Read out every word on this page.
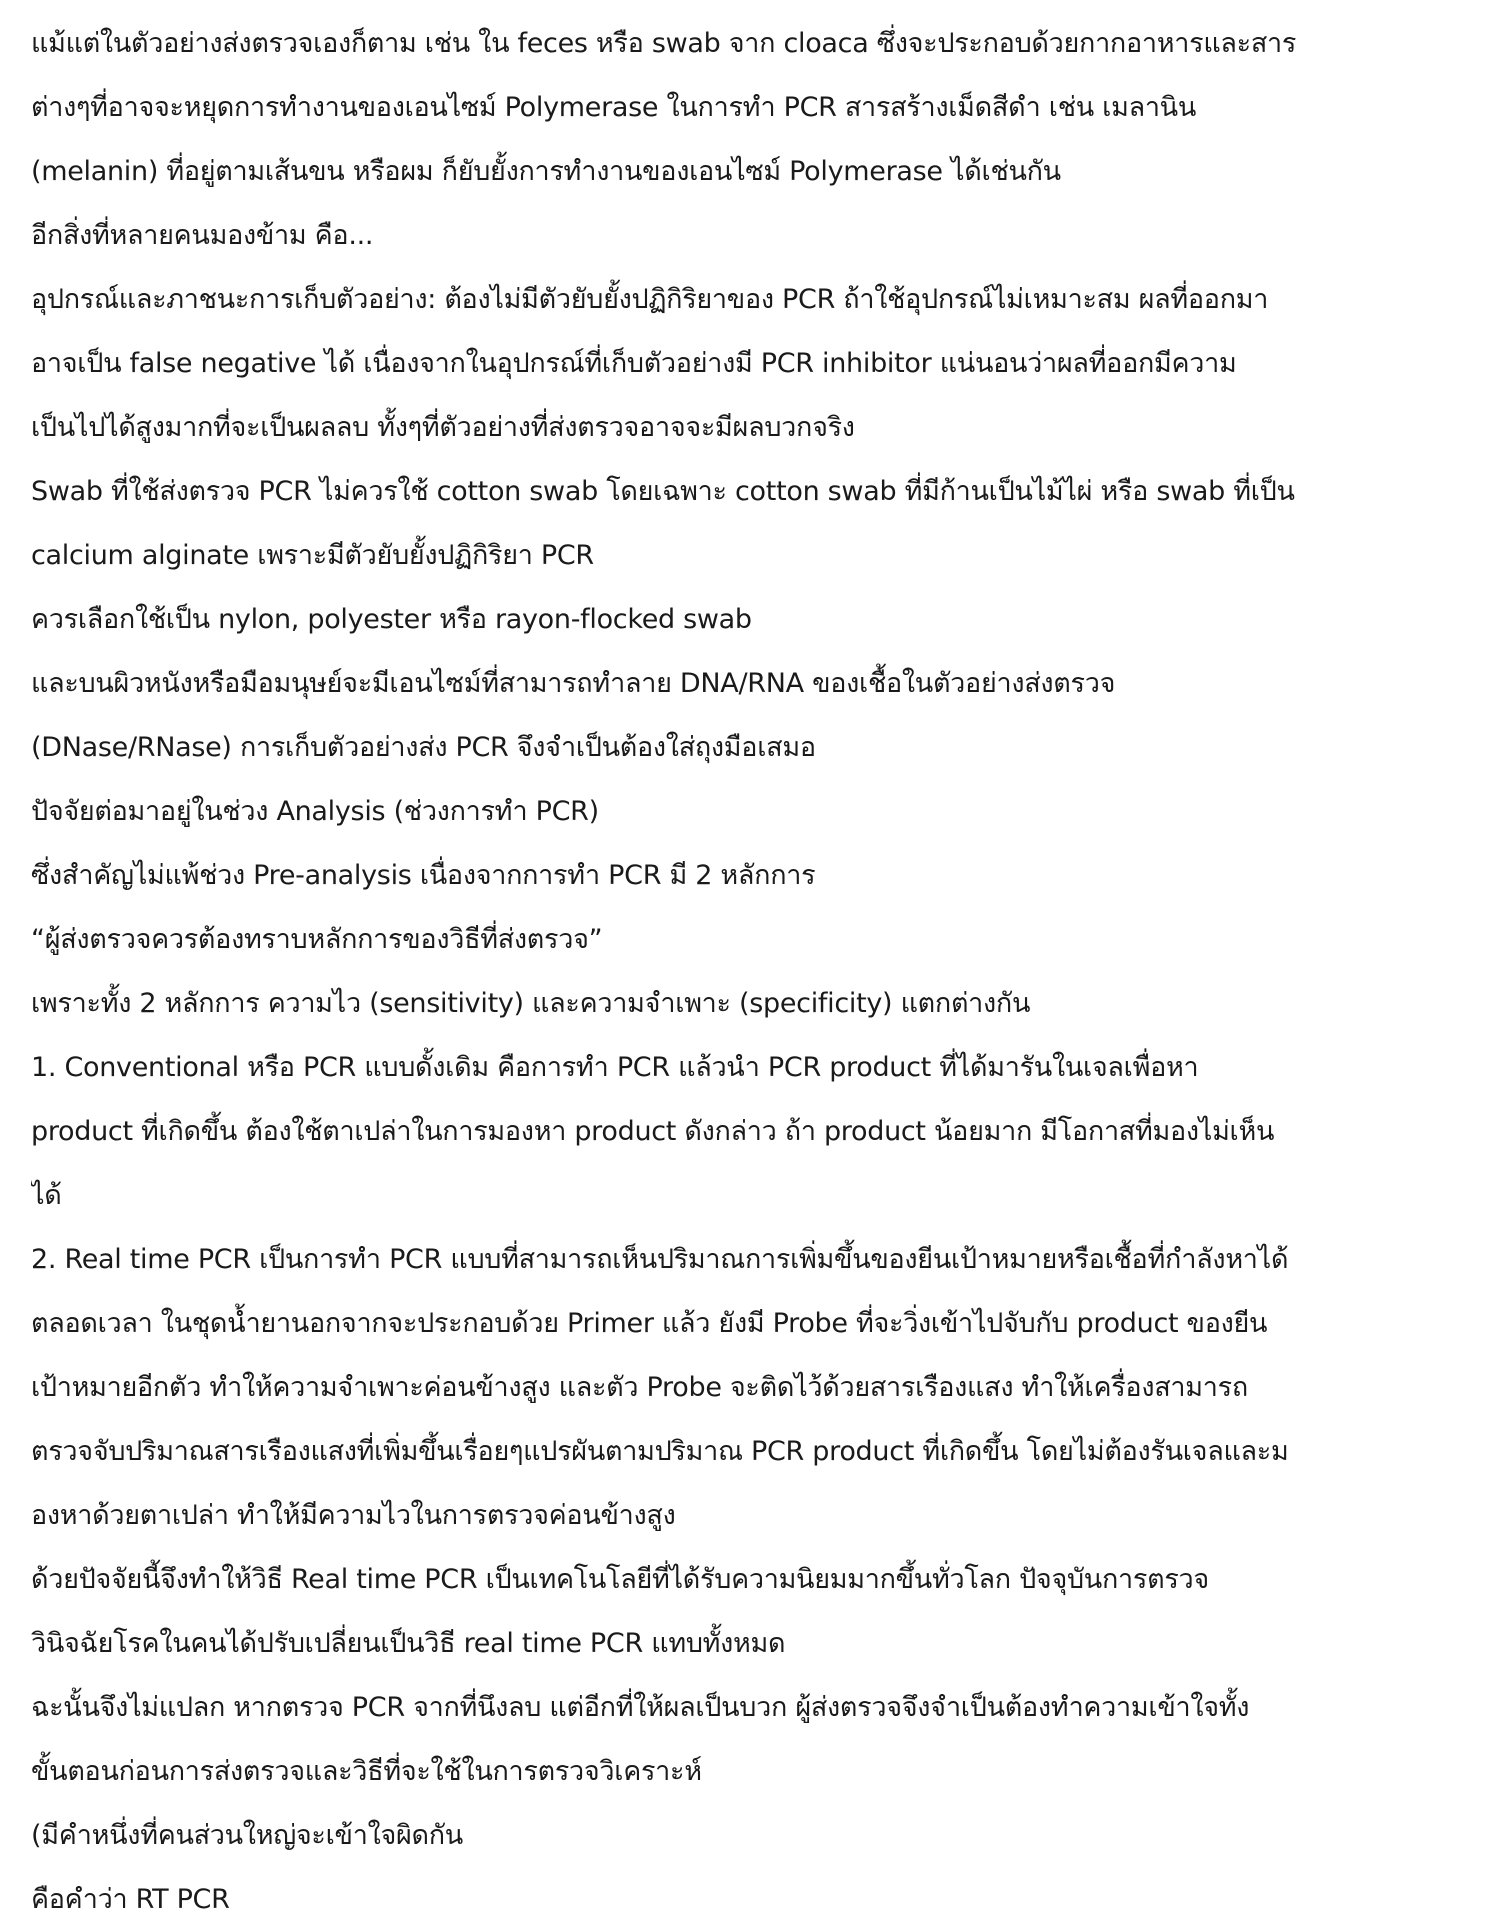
แม้แต่ในตัวอย่างส่งตรวจเองก็ตาม เช่น ใน feces หรือ swab จาก cloaca ซึ่งจะประกอบด้วยกากอาหารและสาร
ต่างๆที่อาจจะหยุดการทำงานของเอนไซม์ Polymerase ในการทำ PCR สารสร้างเม็ดสีดำ เช่น เมลานิน
(melanin) ที่อยู่ตามเส้นขน หรือผม ก็ยับยั้งการทำงานของเอนไซม์ Polymerase ได้เช่นกัน
อีกสิ่งที่หลายคนมองข้าม คือ...
อุปกรณ์และภาชนะการเก็บตัวอย่าง: ต้องไม่มีตัวยับยั้งปฏิกิริยาของ PCR ถ้าใช้อุปกรณ์ไม่เหมาะสม ผลที่ออกมา
อาจเป็น false negative ได้ เนื่องจากในอุปกรณ์ที่เก็บตัวอย่างมี PCR inhibitor แน่นอนว่าผลที่ออกมีความ
เป็นไปได้สูงมากที่จะเป็นผลลบ ทั้งๆที่ตัวอย่างที่ส่งตรวจอาจจะมีผลบวกจริง
Swab ที่ใช้ส่งตรวจ PCR ไม่ควรใช้ cotton swab โดยเฉพาะ cotton swab ที่มีก้านเป็นไม้ไผ่ หรือ swab ที่เป็น
calcium alginate เพราะมีตัวยับยั้งปฏิกิริยา PCR
ควรเลือกใช้เป็น nylon, polyester หรือ rayon-flocked swab
และบนผิวหนังหรือมือมนุษย์จะมีเอนไซม์ที่สามารถทำลาย DNA/RNA ของเชื้อในตัวอย่างส่งตรวจ
(DNase/RNase) การเก็บตัวอย่างส่ง PCR จึงจำเป็นต้องใส่ถุงมือเสมอ
ปัจจัยต่อมาอยู่ในช่วง Analysis (ช่วงการทำ PCR)
ซึ่งสำคัญไม่แพ้ช่วง Pre-analysis เนื่องจากการทำ PCR มี 2 หลักการ
“ผู้ส่งตรวจควรต้องทราบหลักการของวิธีที่ส่งตรวจ”
เพราะทั้ง 2 หลักการ ความไว (sensitivity) และความจำเพาะ (specificity) แตกต่างกัน
1. Conventional หรือ PCR แบบดั้งเดิม คือการทำ PCR แล้วนำ PCR product ที่ได้มารันในเจลเพื่อหา
product ที่เกิดขึ้น ต้องใช้ตาเปล่าในการมองหา product ดังกล่าว ถ้า product น้อยมาก มีโอกาสที่มองไม่เห็น
ได้
2. Real time PCR เป็นการทำ PCR แบบที่สามารถเห็นปริมาณการเพิ่มขึ้นของยีนเป้าหมายหรือเชื้อที่กำลังหาได้
ตลอดเวลา ในชุดน้ำยานอกจากจะประกอบด้วย Primer แล้ว ยังมี Probe ที่จะวิ่งเข้าไปจับกับ product ของยีน
เป้าหมายอีกตัว ทำให้ความจำเพาะค่อนข้างสูง และตัว Probe จะติดไว้ด้วยสารเรืองแสง ทำให้เครื่องสามารถ
ตรวจจับปริมาณสารเรืองแสงที่เพิ่มขึ้นเรื่อยๆแปรผันตามปริมาณ PCR product ที่เกิดขึ้น โดยไม่ต้องรันเจลและม
องหาด้วยตาเปล่า ทำให้มีความไวในการตรวจค่อนข้างสูง
ด้วยปัจจัยนี้จึงทำให้วิธี Real time PCR เป็นเทคโนโลยีที่ได้รับความนิยมมากขึ้นทั่วโลก ปัจจุบันการตรวจ
วินิจฉัยโรคในคนได้ปรับเปลี่ยนเป็นวิธี real time PCR แทบทั้งหมด
ฉะนั้นจึงไม่แปลก หากตรวจ PCR จากที่นึงลบ แต่อีกที่ให้ผลเป็นบวก ผู้ส่งตรวจจึงจำเป็นต้องทำความเข้าใจทั้ง
ขั้นตอนก่อนการส่งตรวจและวิธีที่จะใช้ในการตรวจวิเคราะห์
(มีคำหนึ่งที่คนส่วนใหญ่จะเข้าใจผิดกัน
คือคำว่า RT PCR
